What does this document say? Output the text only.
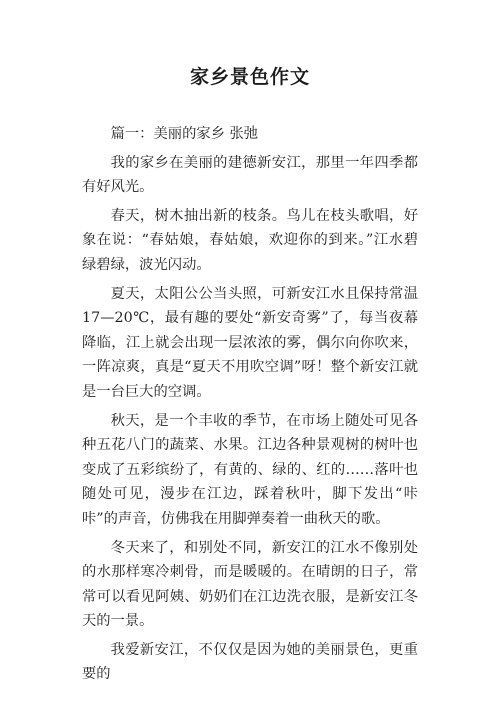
家乡景色作文

篇一：美丽的家乡 张弛

我的家乡在美丽的建德新安江，那里一年四季都有好风光。

春天，树木抽出新的枝条。鸟儿在枝头歌唱，好象在说：“春姑娘，春姑娘，欢迎你的到来。”江水碧绿碧绿，波光闪动。

夏天，太阳公公当头照，可新安江水且保持常温17—20℃，最有趣的要处“新安奇雾”了，每当夜幕降临，江上就会出现一层浓浓的雾，偶尔向你吹来，一阵凉爽，真是“夏天不用吹空调”呀！整个新安江就是一台巨大的空调。

秋天，是一个丰收的季节，在市场上随处可见各种五花八门的蔬菜、水果。江边各种景观树的树叶也变成了五彩缤纷了，有黄的、绿的、红的……落叶也随处可见，漫步在江边，踩着秋叶，脚下发出“咔咔”的声音，仿佛我在用脚弹奏着一曲秋天的歌。

冬天来了，和别处不同，新安江的江水不像别处的水那样寒冷刺骨，而是暖暖的。在晴朗的日子，常常可以看见阿姨、奶奶们在江边洗衣服，是新安江冬天的一景。

我爱新安江，不仅仅是因为她的美丽景色，更重要的
